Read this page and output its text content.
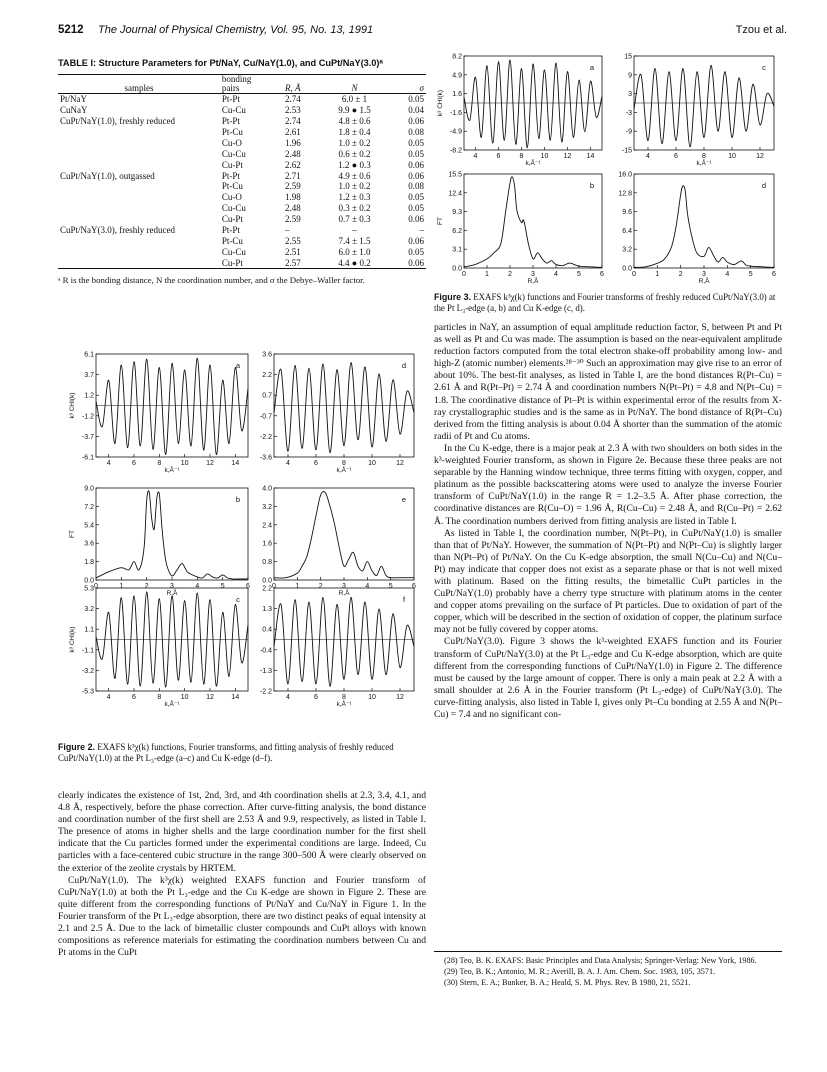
5212 The Journal of Physical Chemistry, Vol. 95, No. 13, 1991	Tzou et al.
TABLE I: Structure Parameters for Pt/NaY, Cu/NaY(1.0), and CuPt/NaY(3.0)ᵃ
	bonding			
samples	pairs	R, Å	N	σ
Pt/NaY	Pt-Pt	2.74	6.0 ± 1	0.05
CuNaY	Cu-Cu	2.53	9.9 ● 1.5	0.04
CuPt/NaY(1.0), freshly reduced	Pt-Pt	2.74	4.8 ± 0.6	0.06
	Pt-Cu	2.61	1.8 ± 0.4	0.08
	Cu-O	1.96	1.0 ± 0.2	0.05
	Cu-Cu	2.48	0.6 ± 0.2	0.05
	Cu-Pt	2.62	1.2 ● 0.3	0.06
CuPt/NaY(1.0), outgassed	Pt-Pt	2.71	4.9 ± 0.6	0.06
	Pt-Cu	2.59	1.0 ± 0.2	0.08
	Cu-O	1.98	1.2 ± 0.3	0.05
	Cu-Cu	2.48	0.3 ± 0.2	0.05
	Cu-Pt	2.59	0.7 ± 0.3	0.06
CuPt/NaY(3.0), freshly reduced	Pt-Pt	–	–	–
	Pt-Cu	2.55	7.4 ± 1.5	0.06
	Cu-Cu	2.51	6.0 ± 1.0	0.05
	Cu-Pt	2.57	4.4 ● 0.2	0.06
ᵃ R is the bonding distance, N the coordination number, and σ the Debye–Waller factor.
6.1
3.7
1.2
-1.2
-3.7
-6.1
4	6	8	10	12	14
a
k,Å⁻¹
k³ CHI(k)
3.6
2.2
0.7
-0.7
-2.2
-3.6
4	6	8	10	12
d
k,Å⁻¹
9.0
7.2
5.4
3.6
1.8
0.0
0	1	2	3	4	5	6
b
R,Å
FT
4.0
3.2
2.4
1.6
0.8
0.0
0	1	2	3	4	5	6
e
R,Å
5.3
3.2
1.1
-1.1
-3.2
-5.3
4	6	8	10	12	14
c
k,Å⁻¹
k³ CHI(k)
2.2
1.3
0.4
-0.4
-1.3
-2.2
4	6	8	10	12
f
k,Å⁻¹
Figure 2. EXAFS k³χ(k) functions, Fourier transforms, and fitting analysis of freshly reduced CuPt/NaY(1.0) at the Pt L₃-edge (a–c) and Cu K-edge (d–f).

clearly indicates the existence of 1st, 2nd, 3rd, and 4th coordination shells at 2.3, 3.4, 4.1, and 4.8 Å, respectively, before the phase correction. After curve-fitting analysis, the bond distance and coordination number of the first shell are 2.53 Å and 9.9, respectively, as listed in Table I. The presence of atoms in higher shells and the large coordination number for the first shell indicate that the Cu particles formed under the experimental conditions are large. Indeed, Cu particles with a face-centered cubic structure in the range 300–500 Å were clearly observed on the exterior of the zeolite crystals by HRTEM.

CuPt/NaY(1.0). The k³χ(k) weighted EXAFS function and Fourier transform of CuPt/NaY(1.0) at both the Pt L₃-edge and the Cu K-edge are shown in Figure 2. These are quite different from the corresponding functions of Pt/NaY and Cu/NaY in Figure 1. In the Fourier transform of the Pt L₃-edge absorption, there are two distinct peaks of equal intensity at 2.1 and 2.5 Å. Due to the lack of bimetallic cluster compounds and CuPt alloys with known compositions as reference materials for estimating the coordination numbers between Cu and Pt atoms in the CuPt

8.2
4.9
1.6
-1.6
-4.9
-8.2
4	6	8 10 12 14
a
k,Å⁻¹
k³ CHI(k)
15
9
3
-3
-9
-15
4	6	8	10	12
c
k,Å⁻¹
15.5
12.4
9.3
6.2
3.1
0.0
0	1	2	3	4	5	6
b
R,Å
FT
16.0
12.8
9.6
6.4
3.2
0.0
0	1	2	3	4	5	6
d
R,Å
Figure 3. EXAFS k³χ(k) functions and Fourier transforms of freshly reduced CuPt/NaY(3.0) at the Pt L₃-edge (a, b) and Cu K-edge (c, d).

particles in NaY, an assumption of equal amplitude reduction factor, S, between Pt and Pt as well as Pt and Cu was made. The assumption is based on the near-equivalent amplitude reduction factors computed from the total electron shake-off probability among low- and high-Z (atomic number) elements.²⁸⁻³⁰ Such an approximation may give rise to an error of about 10%. The best-fit analyses, as listed in Table I, are the bond distances R(Pt–Cu) = 2.61 Å and R(Pt–Pt) = 2.74 Å and coordination numbers N(Pt–Pt) = 4.8 and N(Pt–Cu) = 1.8. The coordinative distance of Pt–Pt is within experimental error of the results from X-ray crystallographic studies and is the same as in Pt/NaY. The bond distance of R(Pt–Cu) derived from the fitting analysis is about 0.04 Å shorter than the summation of the atomic radii of Pt and Cu atoms.

In the Cu K-edge, there is a major peak at 2.3 Å with two shoulders on both sides in the k³-weighted Fourier transform, as shown in Figure 2e. Because these three peaks are not separable by the Hanning window technique, three terms fitting with oxygen, copper, and platinum as the possible backscattering atoms were used to analyze the inverse Fourier transform of CuPt/NaY(1.0) in the range R = 1.2–3.5 Å. After phase correction, the coordinative distances are R(Cu–O) = 1.96 Å, R(Cu–Cu) = 2.48 Å, and R(Cu–Pt) = 2.62 Å. The coordination numbers derived from fitting analysis are listed in Table I.

As listed in Table I, the coordination number, N(Pt–Pt), in CuPt/NaY(1.0) is smaller than that of Pt/NaY. However, the summation of N(Pt–Pt) and N(Pt–Cu) is slightly larger than N(Pt–Pt) of Pt/NaY. On the Cu K-edge absorption, the small N(Cu–Cu) and N(Cu–Pt) may indicate that copper does not exist as a separate phase or that is not well mixed with platinum. Based on the fitting results, the bimetallic CuPt particles in the CuPt/NaY(1.0) probably have a cherry type structure with platinum atoms in the center and copper atoms prevailing on the surface of Pt particles. Due to oxidation of part of the copper, which will be described in the section of oxidation of copper, the platinum surface may not be fully covered by copper atoms.

CuPt/NaY(3.0). Figure 3 shows the k³-weighted EXAFS function and its Fourier transform of CuPt/NaY(3.0) at the Pt L₃-edge and Cu K-edge absorption, which are quite different from the corresponding functions of CuPt/NaY(1.0) in Figure 2. The difference must be caused by the large amount of copper. There is only a main peak at 2.2 Å with a small shoulder at 2.6 Å in the Fourier transform (Pt L₃-edge) of CuPt/NaY(3.0). The curve-fitting analysis, also listed in Table I, gives only Pt–Cu bonding at 2.55 Å and N(Pt–Cu) = 7.4 and no significant con-

(28) Teo, B. K. EXAFS: Basic Principles and Data Analysis; Springer-Verlag: New York, 1986.

(29) Teo, B. K.; Antonio, M. R.; Averill, B. A. J. Am. Chem. Soc. 1983, 105, 3571.

(30) Stern, E. A.; Bunker, B. A.; Heald, S. M. Phys. Rev. B 1980, 21, 5521.
